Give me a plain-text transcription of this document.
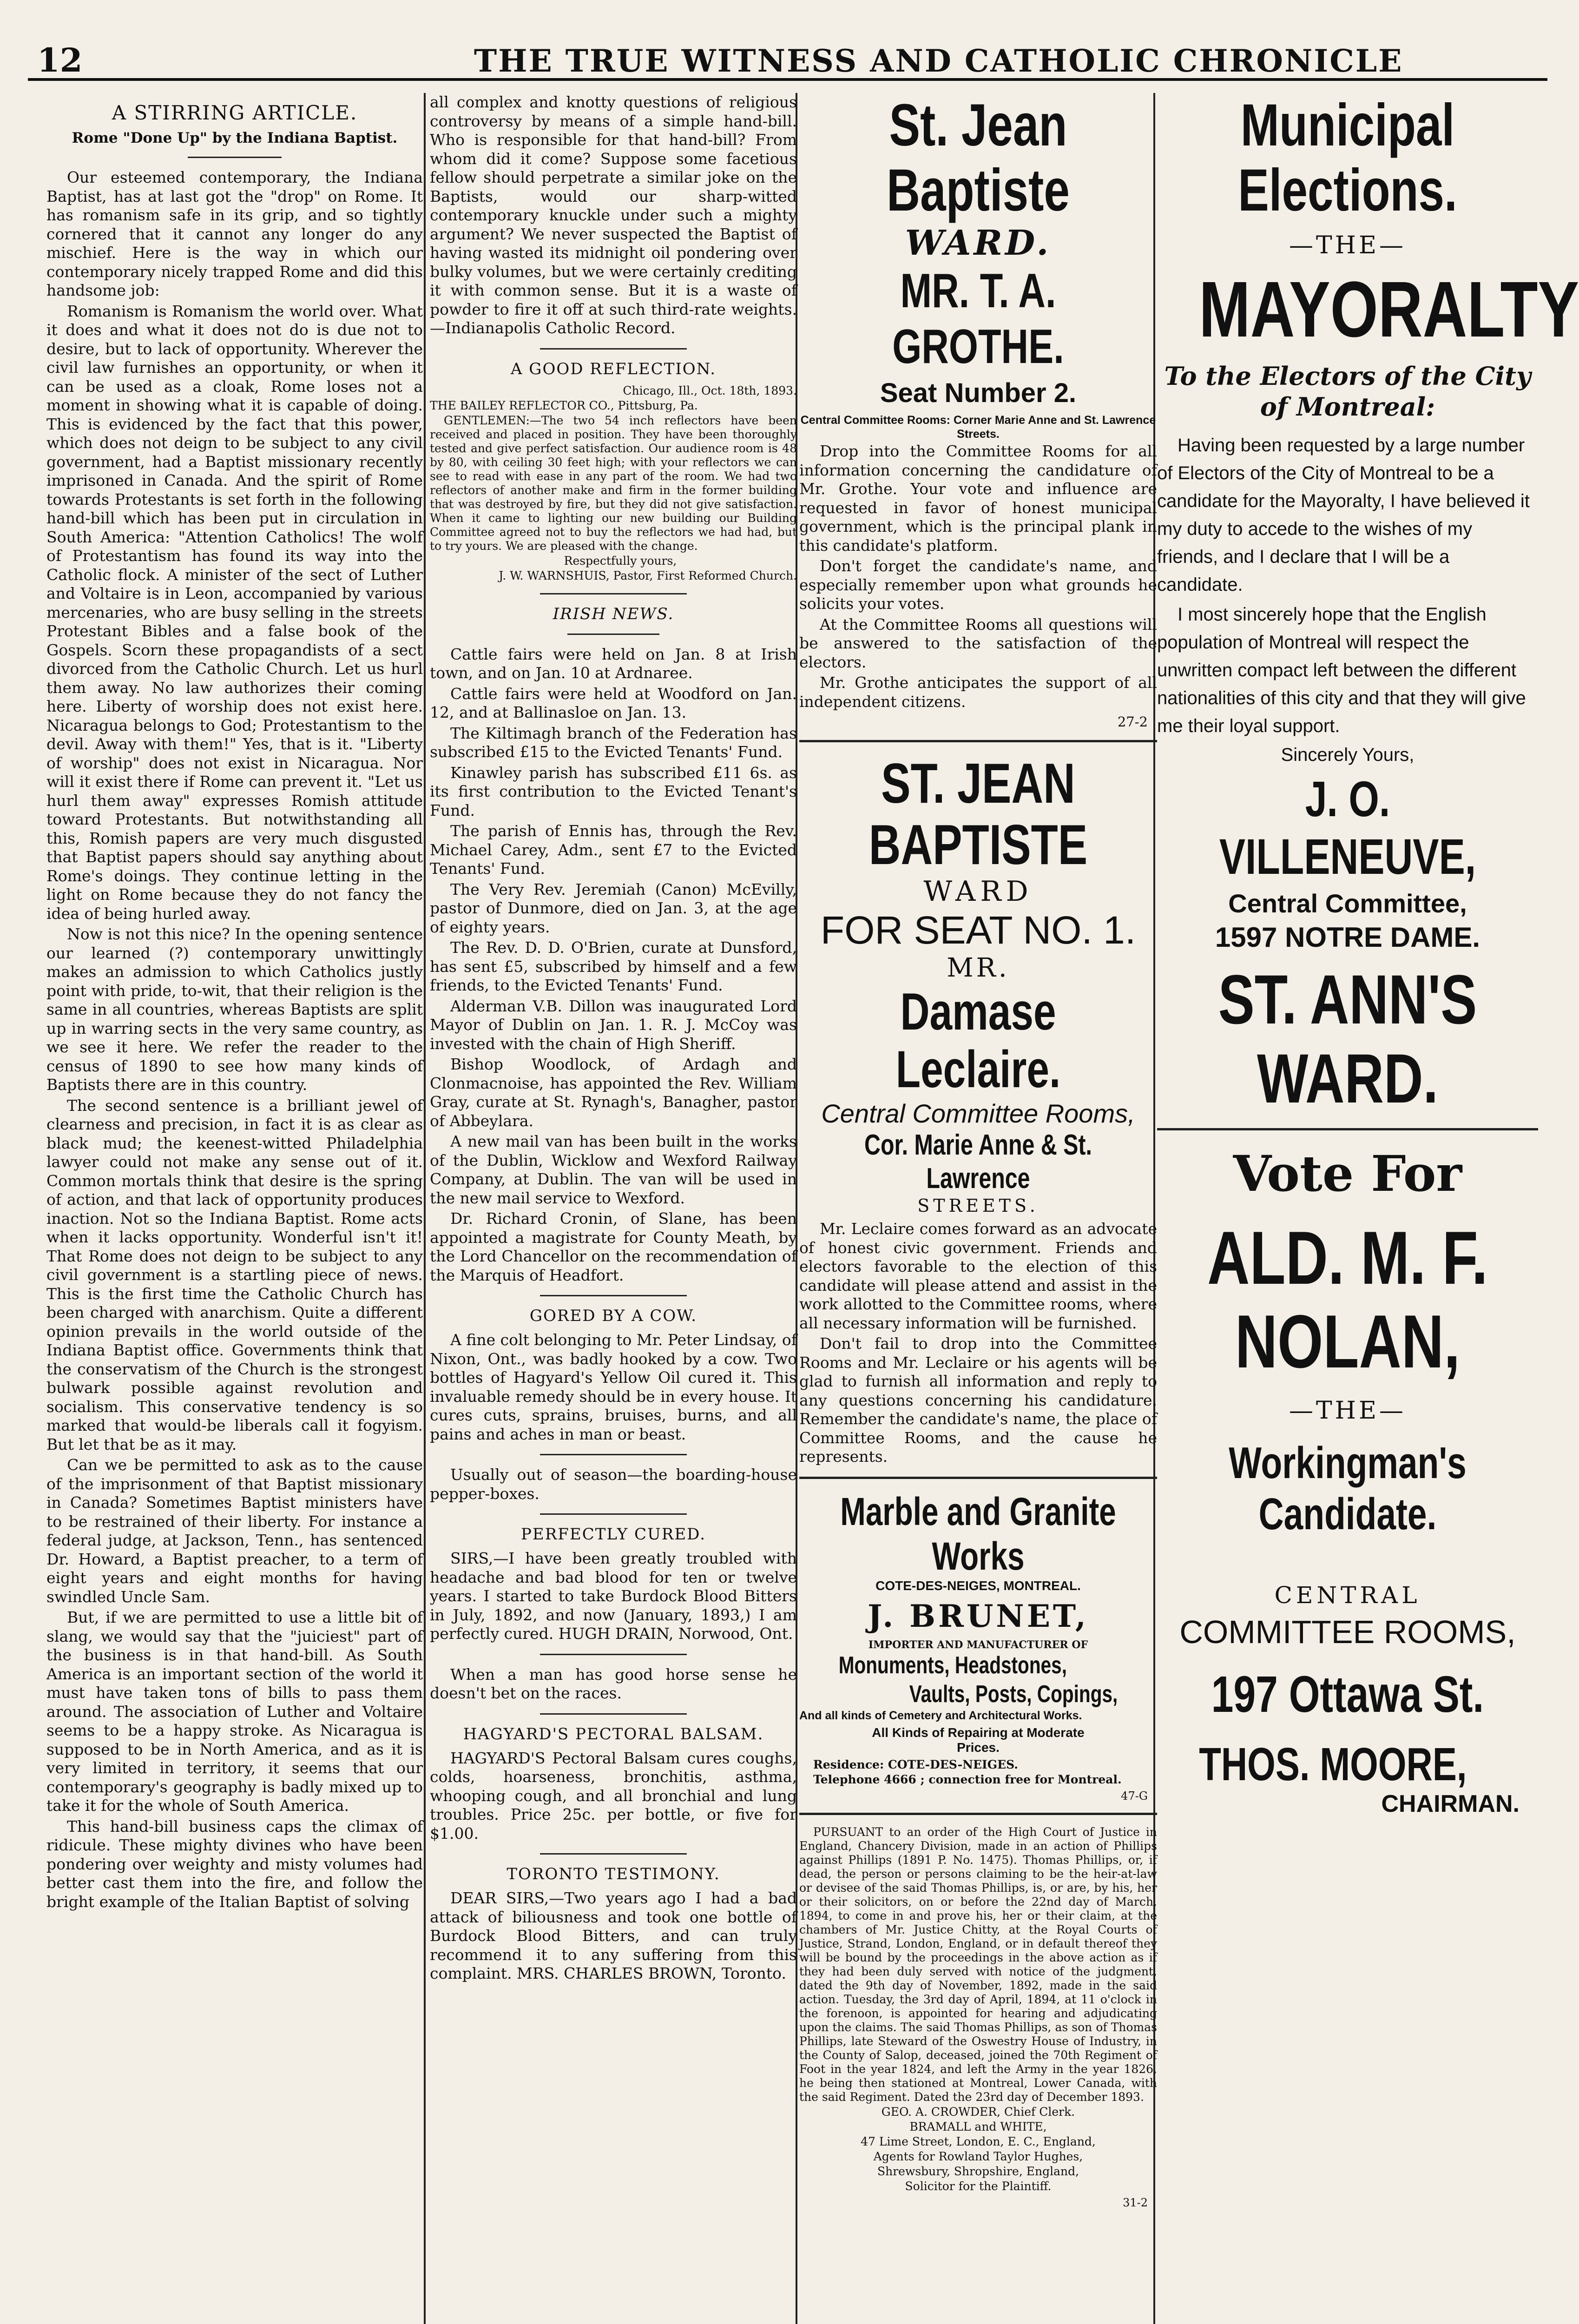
12	THE TRUE WITNESS AND CATHOLIC CHRONICLE
A STIRRING ARTICLE.
Rome "Done Up" by the Indiana Baptist.

Our esteemed contemporary, the Indiana Baptist, has at last got the "drop" on Rome. It has romanism safe in its grip, and so tightly cornered that it cannot any longer do any mischief. Here is the way in which our contemporary nicely trapped Rome and did this handsome job:

Romanism is Romanism the world over. What it does and what it does not do is due not to desire, but to lack of opportunity. Wherever the civil law furnishes an opportunity, or when it can be used as a cloak, Rome loses not a moment in showing what it is capable of doing. This is evidenced by the fact that this power, which does not deign to be subject to any civil government, had a Baptist missionary recently imprisoned in Canada. And the spirit of Rome towards Protestants is set forth in the following hand-bill which has been put in circulation in South America: "Attention Catholics! The wolf of Protestantism has found its way into the Catholic flock. A minister of the sect of Luther and Voltaire is in Leon, accompanied by various mercenaries, who are busy selling in the streets Protestant Bibles and a false book of the Gospels. Scorn these propagandists of a sect divorced from the Catholic Church. Let us hurl them away. No law authorizes their coming here. Liberty of worship does not exist here. Nicaragua belongs to God; Protestantism to the devil. Away with them!" Yes, that is it. "Liberty of worship" does not exist in Nicaragua. Nor will it exist there if Rome can prevent it. "Let us hurl them away" expresses Romish attitude toward Protestants. But notwithstanding all this, Romish papers are very much disgusted that Baptist papers should say anything about Rome's doings. They continue letting in the light on Rome because they do not fancy the idea of being hurled away.

Now is not this nice? In the opening sentence our learned (?) contemporary unwittingly makes an admission to which Catholics justly point with pride, to-wit, that their religion is the same in all countries, whereas Baptists are split up in warring sects in the very same country, as we see it here. We refer the reader to the census of 1890 to see how many kinds of Baptists there are in this country.

The second sentence is a brilliant jewel of clearness and precision, in fact it is as clear as black mud; the keenest-witted Philadelphia lawyer could not make any sense out of it. Common mortals think that desire is the spring of action, and that lack of opportunity produces inaction. Not so the Indiana Baptist. Rome acts when it lacks opportunity. Wonderful isn't it! That Rome does not deign to be subject to any civil government is a startling piece of news. This is the first time the Catholic Church has been charged with anarchism. Quite a different opinion prevails in the world outside of the Indiana Baptist office. Governments think that the conservatism of the Church is the strongest bulwark possible against revolution and socialism. This conservative tendency is so marked that would-be liberals call it fogyism. But let that be as it may.

Can we be permitted to ask as to the cause of the imprisonment of that Baptist missionary in Canada? Sometimes Baptist ministers have to be restrained of their liberty. For instance a federal judge, at Jackson, Tenn., has sentenced Dr. Howard, a Baptist preacher, to a term of eight years and eight months for having swindled Uncle Sam.

But, if we are permitted to use a little bit of slang, we would say that the "juiciest" part of the business is in that hand-bill. As South America is an important section of the world it must have taken tons of bills to pass them around. The association of Luther and Voltaire seems to be a happy stroke. As Nicaragua is supposed to be in North America, and as it is very limited in territory, it seems that our contemporary's geography is badly mixed up to take it for the whole of South America.

This hand-bill business caps the climax of ridicule. These mighty divines who have been pondering over weighty and misty volumes had better cast them into the fire, and follow the bright example of the Italian Baptist of solving

all complex and knotty questions of religious controversy by means of a simple hand-bill. Who is responsible for that hand-bill? From whom did it come? Suppose some facetious fellow should perpetrate a similar joke on the Baptists, would our sharp-witted contemporary knuckle under such a mighty argument? We never suspected the Baptist of having wasted its midnight oil pondering over bulky volumes, but we were certainly crediting it with common sense. But it is a waste of powder to fire it off at such third-rate weights.—Indianapolis Catholic Record.

A GOOD REFLECTION.

Chicago, Ill., Oct. 18th, 1893.

THE BAILEY REFLECTOR CO., Pittsburg, Pa.

GENTLEMEN:—The two 54 inch reflectors have been received and placed in position. They have been thoroughly tested and give perfect satisfaction. Our audience room is 48 by 80, with ceiling 30 feet high; with your reflectors we can see to read with ease in any part of the room. We had two reflectors of another make and firm in the former building that was destroyed by fire, but they did not give satisfaction. When it came to lighting our new building our Building Committee agreed not to buy the reflectors we had had, but to try yours. We are pleased with the change.

Respectfully yours,

J. W. WARNSHUIS, Pastor, First Reformed Church.

IRISH NEWS.

Cattle fairs were held on Jan. 8 at Irish town, and on Jan. 10 at Ardnaree.

Cattle fairs were held at Woodford on Jan. 12, and at Ballinasloe on Jan. 13.

The Kiltimagh branch of the Federation has subscribed £15 to the Evicted Tenants' Fund.

Kinawley parish has subscribed £11 6s. as its first contribution to the Evicted Tenant's Fund.

The parish of Ennis has, through the Rev. Michael Carey, Adm., sent £7 to the Evicted Tenants' Fund.

The Very Rev. Jeremiah (Canon) McEvilly, pastor of Dunmore, died on Jan. 3, at the age of eighty years.

The Rev. D. D. O'Brien, curate at Dunsford, has sent £5, subscribed by himself and a few friends, to the Evicted Tenants' Fund.

Alderman V.B. Dillon was inaugurated Lord Mayor of Dublin on Jan. 1. R. J. McCoy was invested with the chain of High Sheriff.

Bishop Woodlock, of Ardagh and Clonmacnoise, has appointed the Rev. William Gray, curate at St. Rynagh's, Banagher, pastor of Abbeylara.

A new mail van has been built in the works of the Dublin, Wicklow and Wexford Railway Company, at Dublin. The van will be used in the new mail service to Wexford.

Dr. Richard Cronin, of Slane, has been appointed a magistrate for County Meath, by the Lord Chancellor on the recommendation of the Marquis of Headfort.

GORED BY A COW.

A fine colt belonging to Mr. Peter Lindsay, of Nixon, Ont., was badly hooked by a cow. Two bottles of Hagyard's Yellow Oil cured it. This invaluable remedy should be in every house. It cures cuts, sprains, bruises, burns, and all pains and aches in man or beast.

Usually out of season—the boarding-house pepper-boxes.

PERFECTLY CURED.

SIRS,—I have been greatly troubled with headache and bad blood for ten or twelve years. I started to take Burdock Blood Bitters in July, 1892, and now (January, 1893,) I am perfectly cured. HUGH DRAIN, Norwood, Ont.

When a man has good horse sense he doesn't bet on the races.

HAGYARD'S PECTORAL BALSAM.

HAGYARD'S Pectoral Balsam cures coughs, colds, hoarseness, bronchitis, asthma, whooping cough, and all bronchial and lung troubles. Price 25c. per bottle, or five for $1.00.

TORONTO TESTIMONY.

DEAR SIRS,—Two years ago I had a bad attack of biliousness and took one bottle of Burdock Blood Bitters, and can truly recommend it to any suffering from this complaint. MRS. CHARLES BROWN, Toronto.

St. Jean Baptiste
WARD.
MR. T. A. GROTHE.
Seat Number 2.

Central Committee Rooms: Corner Marie Anne and St. Lawrence Streets.

Drop into the Committee Rooms for all information concerning the candidature of Mr. Grothe. Your vote and influence are requested in favor of honest municipal government, which is the principal plank in this candidate's platform.

Don't forget the candidate's name, and especially remember upon what grounds he solicits your votes.

At the Committee Rooms all questions will be answered to the satisfaction of the electors.

Mr. Grothe anticipates the support of all independent citizens.

27-2
ST. JEAN BAPTISTE
WARD
FOR SEAT NO. 1.
MR.
Damase Leclaire.
Central Committee Rooms,
Cor. Marie Anne & St. Lawrence
STREETS.

Mr. Leclaire comes forward as an advocate of honest civic government. Friends and electors favorable to the election of this candidate will please attend and assist in the work allotted to the Committee rooms, where all necessary information will be furnished.

Don't fail to drop into the Committee Rooms and Mr. Leclaire or his agents will be glad to furnish all information and reply to any questions concerning his candidature. Remember the candidate's name, the place of Committee Rooms, and the cause he represents.

Marble and Granite Works
COTE-DES-NEIGES, MONTREAL.
J. BRUNET,
IMPORTER AND MANUFACTURER OF
Monuments, Headstones,
Vaults, Posts, Copings,

And all kinds of Cemetery and Architectural Works.

All Kinds of Repairing at Moderate Prices.

Residence: COTE-DES-NEIGES.

Telephone 4666 ; connection free for Montreal.

47-G

PURSUANT to an order of the High Court of Justice in England, Chancery Division, made in an action of Phillips against Phillips (1891 P. No. 1475). Thomas Phillips, or, if dead, the person or persons claiming to be the heir-at-law or devisee of the said Thomas Phillips, is, or are, by his, her or their solicitors, on or before the 22nd day of March, 1894, to come in and prove his, her or their claim, at the chambers of Mr. Justice Chitty, at the Royal Courts of Justice, Strand, London, England, or in default thereof they will be bound by the proceedings in the above action as if they had been duly served with notice of the judgment, dated the 9th day of November, 1892, made in the said action. Tuesday, the 3rd day of April, 1894, at 11 o'clock in the forenoon, is appointed for hearing and adjudicating upon the claims. The said Thomas Phillips, as son of Thomas Phillips, late Steward of the Oswestry House of Industry, in the County of Salop, deceased, joined the 70th Regiment of Foot in the year 1824, and left the Army in the year 1826, he being then stationed at Montreal, Lower Canada, with the said Regiment. Dated the 23rd day of December 1893.

GEO. A. CROWDER, Chief Clerk.

BRAMALL and WHITE,

47 Lime Street, London, E. C., England,

Agents for Rowland Taylor Hughes,

Shrewsbury, Shropshire, England,

Solicitor for the Plaintiff.

31-2
Municipal Elections.
—THE—
MAYORALTY
To the Electors of the City of Montreal:

Having been requested by a large number of Electors of the City of Montreal to be a candidate for the Mayoralty, I have believed it my duty to accede to the wishes of my friends, and I declare that I will be a candidate.

I most sincerely hope that the English population of Montreal will respect the unwritten compact left between the different nationalities of this city and that they will give me their loyal support.

Sincerely Yours,
J. O. VILLENEUVE,
Central Committee,
1597 NOTRE DAME.
ST. ANN'S WARD.
Vote For
ALD. M. F. NOLAN,
—THE—
Workingman's Candidate.
CENTRAL
COMMITTEE ROOMS,
197 Ottawa St.
THOS. MOORE,
CHAIRMAN.
